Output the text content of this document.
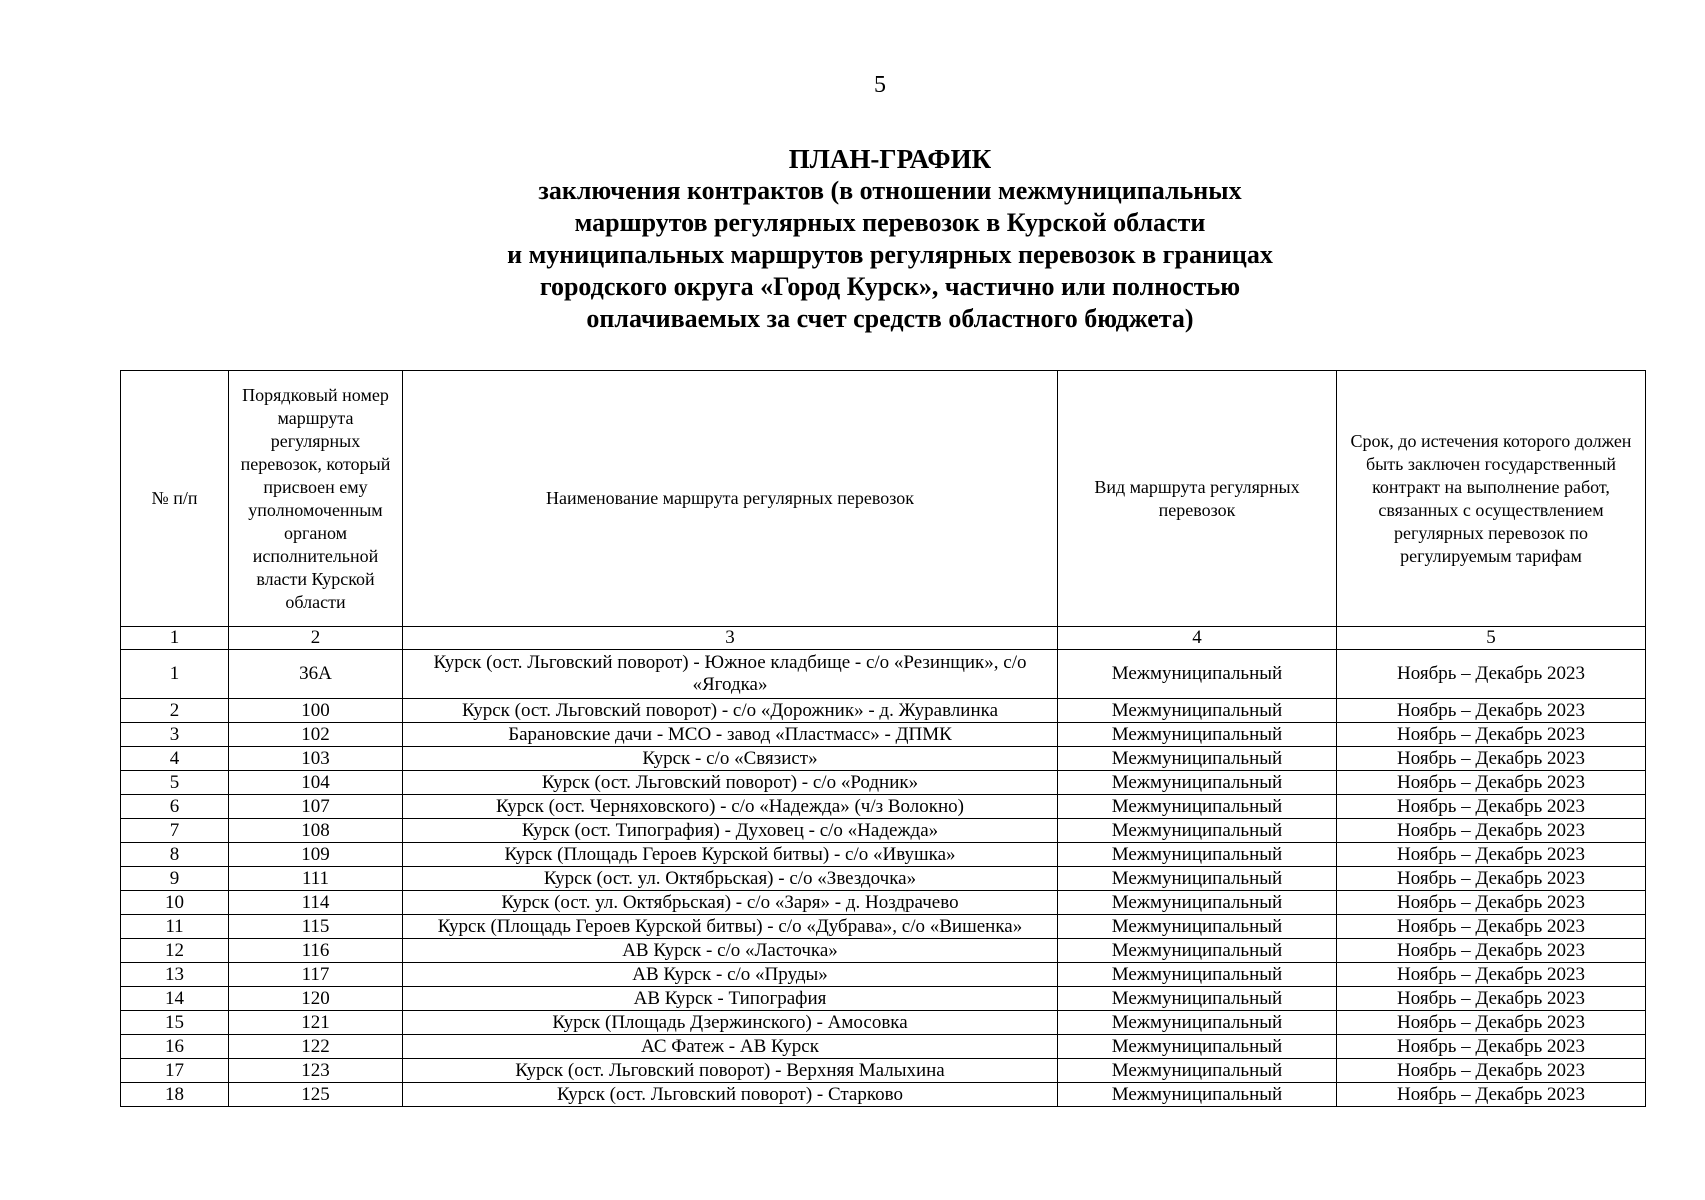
5
ПЛАН-ГРАФИК
заключения контрактов (в отношении межмуниципальных
маршрутов регулярных перевозок в Курской области
и муниципальных маршрутов регулярных перевозок в границах
городского округа «Город Курск», частично или полностью
оплачиваемых за счет средств областного бюджета)
№ п/п	Порядковый номер маршрута регулярных перевозок, который присвоен ему уполномоченным органом исполнительной власти Курской области	Наименование маршрута регулярных перевозок	Вид маршрута регулярных перевозок	Срок, до истечения которого должен быть заключен государственный контракт на выполнение работ, связанных с осуществлением регулярных перевозок по регулируемым тарифам
1	2	3	4	5
1	36А	Курск (ост. Льговский поворот) - Южное кладбище - с/о «Резинщик», с/о «Ягодка»	Межмуниципальный	Ноябрь – Декабрь 2023
2	100	Курск (ост. Льговский поворот) - с/о «Дорожник» - д. Журавлинка	Межмуниципальный	Ноябрь – Декабрь 2023
3	102	Барановские дачи - МСО - завод «Пластмасс» - ДПМК	Межмуниципальный	Ноябрь – Декабрь 2023
4	103	Курск - с/о «Связист»	Межмуниципальный	Ноябрь – Декабрь 2023
5	104	Курск (ост. Льговский поворот) - с/о «Родник»	Межмуниципальный	Ноябрь – Декабрь 2023
6	107	Курск (ост. Черняховского) - с/о «Надежда» (ч/з Волокно)	Межмуниципальный	Ноябрь – Декабрь 2023
7	108	Курск (ост. Типография) - Духовец - с/о «Надежда»	Межмуниципальный	Ноябрь – Декабрь 2023
8	109	Курск (Площадь Героев Курской битвы) - с/о «Ивушка»	Межмуниципальный	Ноябрь – Декабрь 2023
9	111	Курск (ост. ул. Октябрьская) - с/о «Звездочка»	Межмуниципальный	Ноябрь – Декабрь 2023
10	114	Курск (ост. ул. Октябрьская) - с/о «Заря» - д. Ноздрачево	Межмуниципальный	Ноябрь – Декабрь 2023
11	115	Курск (Площадь Героев Курской битвы) - с/о «Дубрава», с/о «Вишенка»	Межмуниципальный	Ноябрь – Декабрь 2023
12	116	АВ Курск - с/о «Ласточка»	Межмуниципальный	Ноябрь – Декабрь 2023
13	117	АВ Курск - с/о «Пруды»	Межмуниципальный	Ноябрь – Декабрь 2023
14	120	АВ Курск - Типография	Межмуниципальный	Ноябрь – Декабрь 2023
15	121	Курск (Площадь Дзержинского) - Амосовка	Межмуниципальный	Ноябрь – Декабрь 2023
16	122	АС Фатеж - АВ Курск	Межмуниципальный	Ноябрь – Декабрь 2023
17	123	Курск (ост. Льговский поворот) - Верхняя Малыхина	Межмуниципальный	Ноябрь – Декабрь 2023
18	125	Курск (ост. Льговский поворот) - Старково	Межмуниципальный	Ноябрь – Декабрь 2023
